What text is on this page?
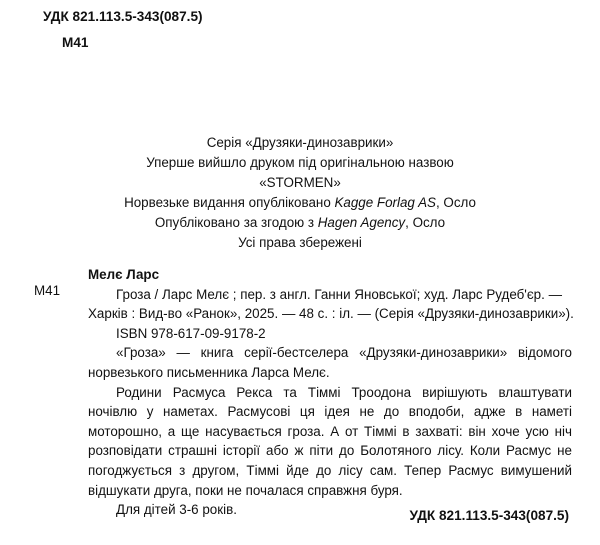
УДК 821.113.5-343(087.5)
М41
Серія «Друзяки-динозаврики»
Уперше вийшло друком під оригінальною назвою
«STORMEN»
Норвезьке видання опубліковано Kagge Forlag AS, Осло
Опубліковано за згодою з Hagen Agency, Осло
Усі права збережені
М41

Мелє Ларс

Гроза / Ларс Мелє ; пер. з англ. Ганни Яновської; худ. Ларс Рудеб'єр. —

Харків : Вид-во «Ранок», 2025. — 48 с. : іл. — (Серія «Друзяки-динозаврики»).

ISBN 978-617-09-9178-2

«Гроза» — книга серії-бестселера «Друзяки-динозаврики» відомого норвезького письменника Ларса Мелє.

Родини Расмуса Рекса та Тіммі Троодона вирішують влаштувати ночівлю у наметах. Расмусові ця ідея не до вподоби, адже в наметі моторошно, а ще насувається гроза. А от Тіммі в захваті: він хоче усю ніч розповідати страшні історії або ж піти до Болотяного лісу. Коли Расмус не погоджується з другом, Тіммі йде до лісу сам. Тепер Расмус вимушений відшукати друга, поки не почалася справжня буря.

Для дітей 3-6 років.	УДК 821.113.5-343(087.5)
